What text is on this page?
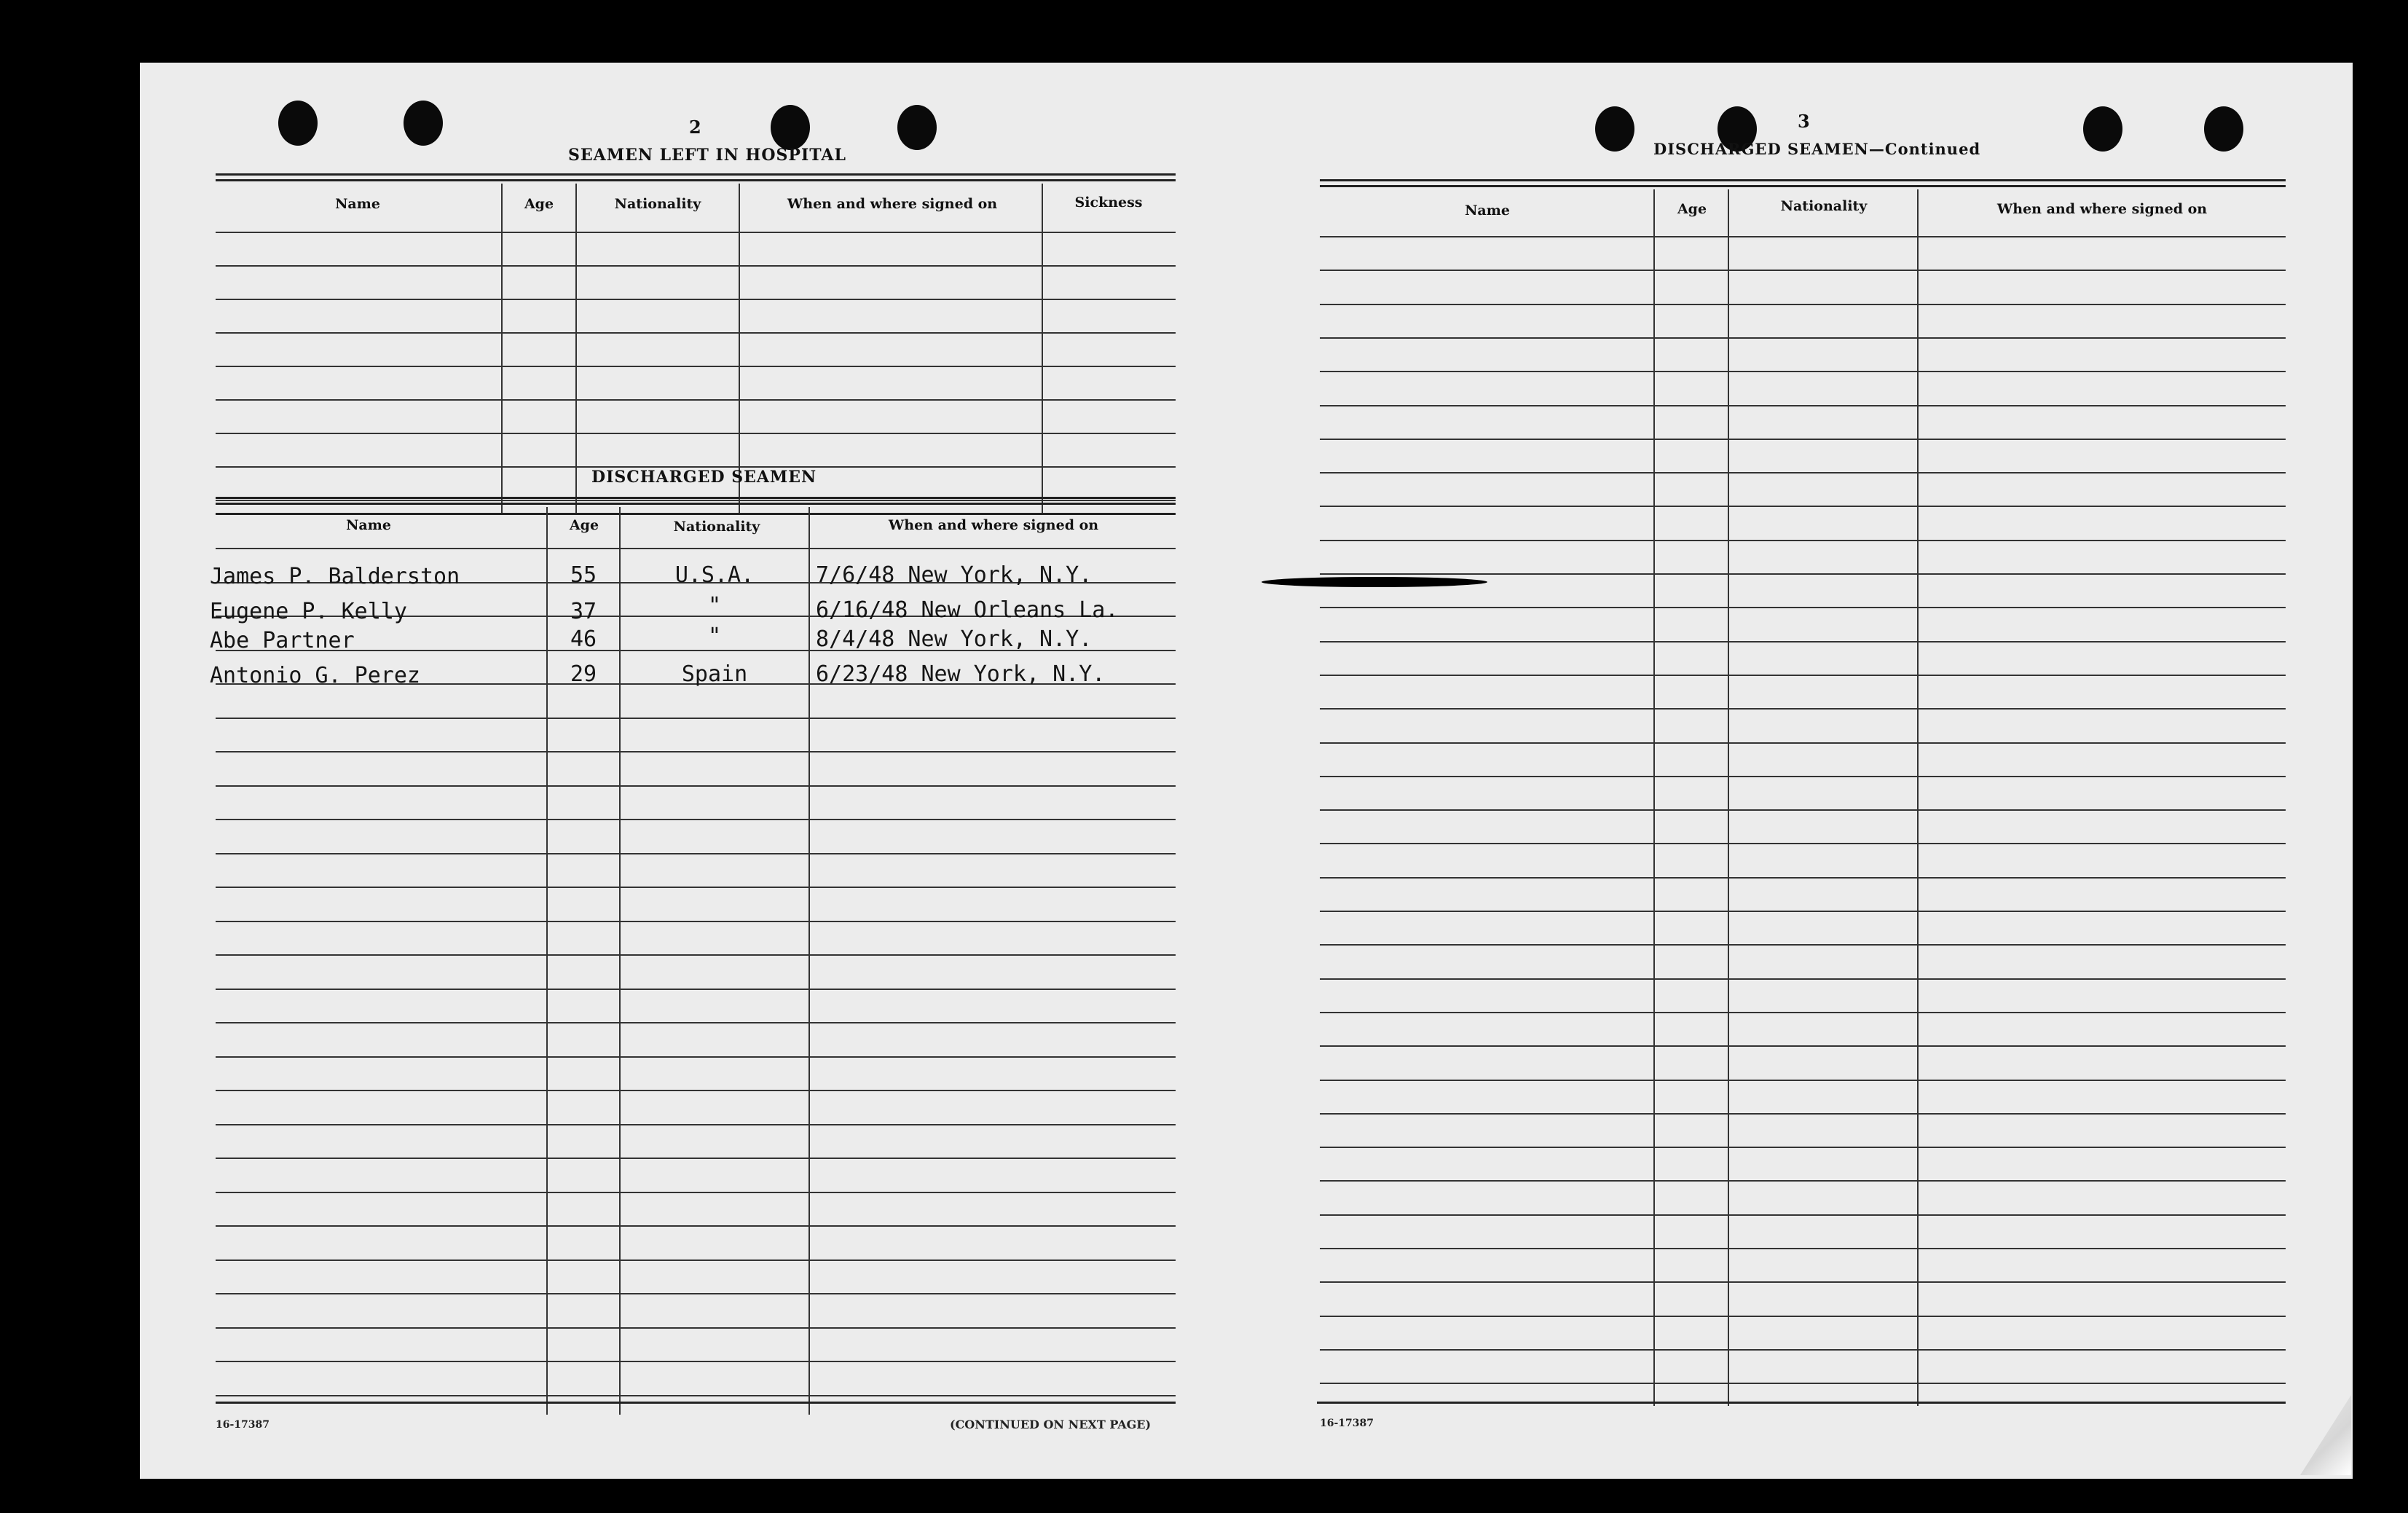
2
SEAMEN LEFT IN HOSPITAL
Name	Age	Nationality	When and where signed on	Sickness
DISCHARGED SEAMEN
Name	Age	Nationality	When and where signed on
James P. Balderston	55	U.S.A.	7/6/48 New York, N.Y.
Eugene P. Kelly	37	"	6/16/48 New Orleans La.
Abe Partner	46	"	8/4/48 New York, N.Y.
Antonio G. Perez	29	Spain	6/23/48 New York, N.Y.
16-17387	(CONTINUED ON NEXT PAGE)
3
DISCHARGED SEAMEN—Continued
Name	Age	Nationality	When and where signed on
16-17387
